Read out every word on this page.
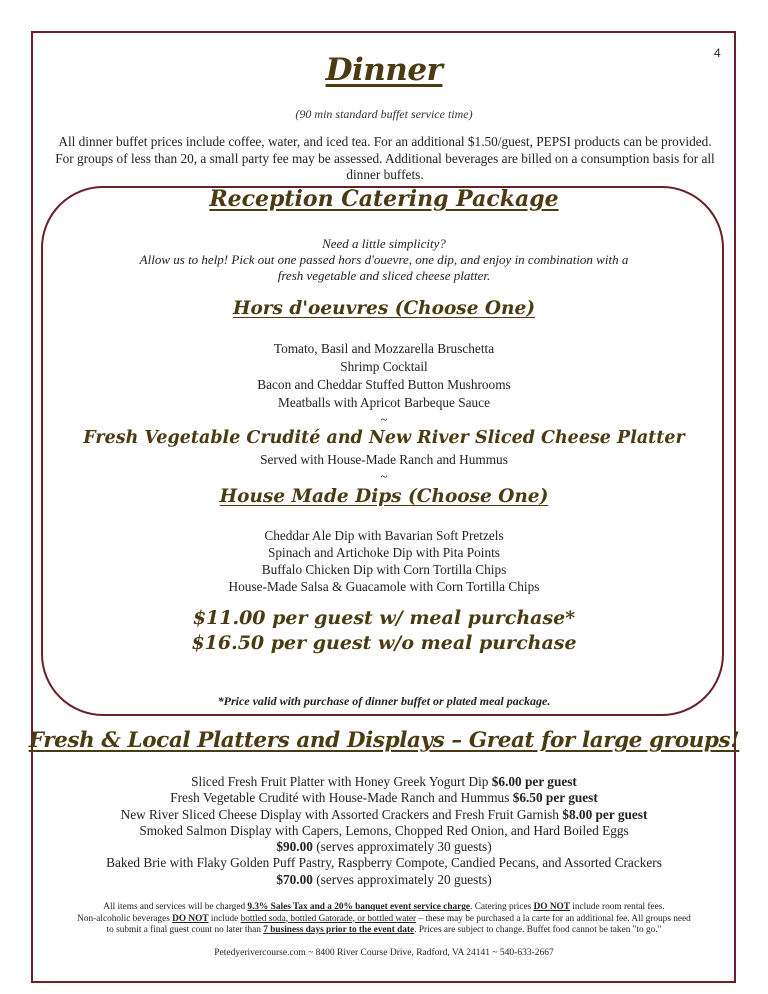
4
Dinner
(90 min standard buffet service time)
All dinner buffet prices include coffee, water, and iced tea. For an additional $1.50/guest, PEPSI products can be provided. For groups of less than 20, a small party fee may be assessed. Additional beverages are billed on a consumption basis for all dinner buffets.
Reception Catering Package
Need a little simplicity?
Allow us to help! Pick out one passed hors d'ouevre, one dip, and enjoy in combination with a
fresh vegetable and sliced cheese platter.
Hors d'oeuvres (Choose One)
Tomato, Basil and Mozzarella Bruschetta
Shrimp Cocktail
Bacon and Cheddar Stuffed Button Mushrooms
Meatballs with Apricot Barbeque Sauce
~
Fresh Vegetable Crudité and New River Sliced Cheese Platter
Served with House-Made Ranch and Hummus
~
House Made Dips (Choose One)
Cheddar Ale Dip with Bavarian Soft Pretzels
Spinach and Artichoke Dip with Pita Points
Buffalo Chicken Dip with Corn Tortilla Chips
House-Made Salsa & Guacamole with Corn Tortilla Chips
$11.00 per guest w/ meal purchase*
$16.50 per guest w/o meal purchase
*Price valid with purchase of dinner buffet or plated meal package.
Fresh & Local Platters and Displays – Great for large groups!
Sliced Fresh Fruit Platter with Honey Greek Yogurt Dip $6.00 per guest
Fresh Vegetable Crudité with House-Made Ranch and Hummus $6.50 per guest
New River Sliced Cheese Display with Assorted Crackers and Fresh Fruit Garnish $8.00 per guest
Smoked Salmon Display with Capers, Lemons, Chopped Red Onion, and Hard Boiled Eggs
$90.00 (serves approximately 30 guests)
Baked Brie with Flaky Golden Puff Pastry, Raspberry Compote, Candied Pecans, and Assorted Crackers
$70.00 (serves approximately 20 guests)
All items and services will be charged 9.3% Sales Tax and a 20% banquet event service charge. Catering prices DO NOT include room rental fees.
Non-alcoholic beverages DO NOT include bottled soda, bottled Gatorade, or bottled water – these may be purchased a la carte for an additional fee. All groups need
to submit a final guest count no later than 7 business days prior to the event date. Prices are subject to change. Buffet food cannot be taken "to go."
Petedyerivercourse.com ~ 8400 River Course Drive, Radford, VA 24141 ~ 540-633-2667
